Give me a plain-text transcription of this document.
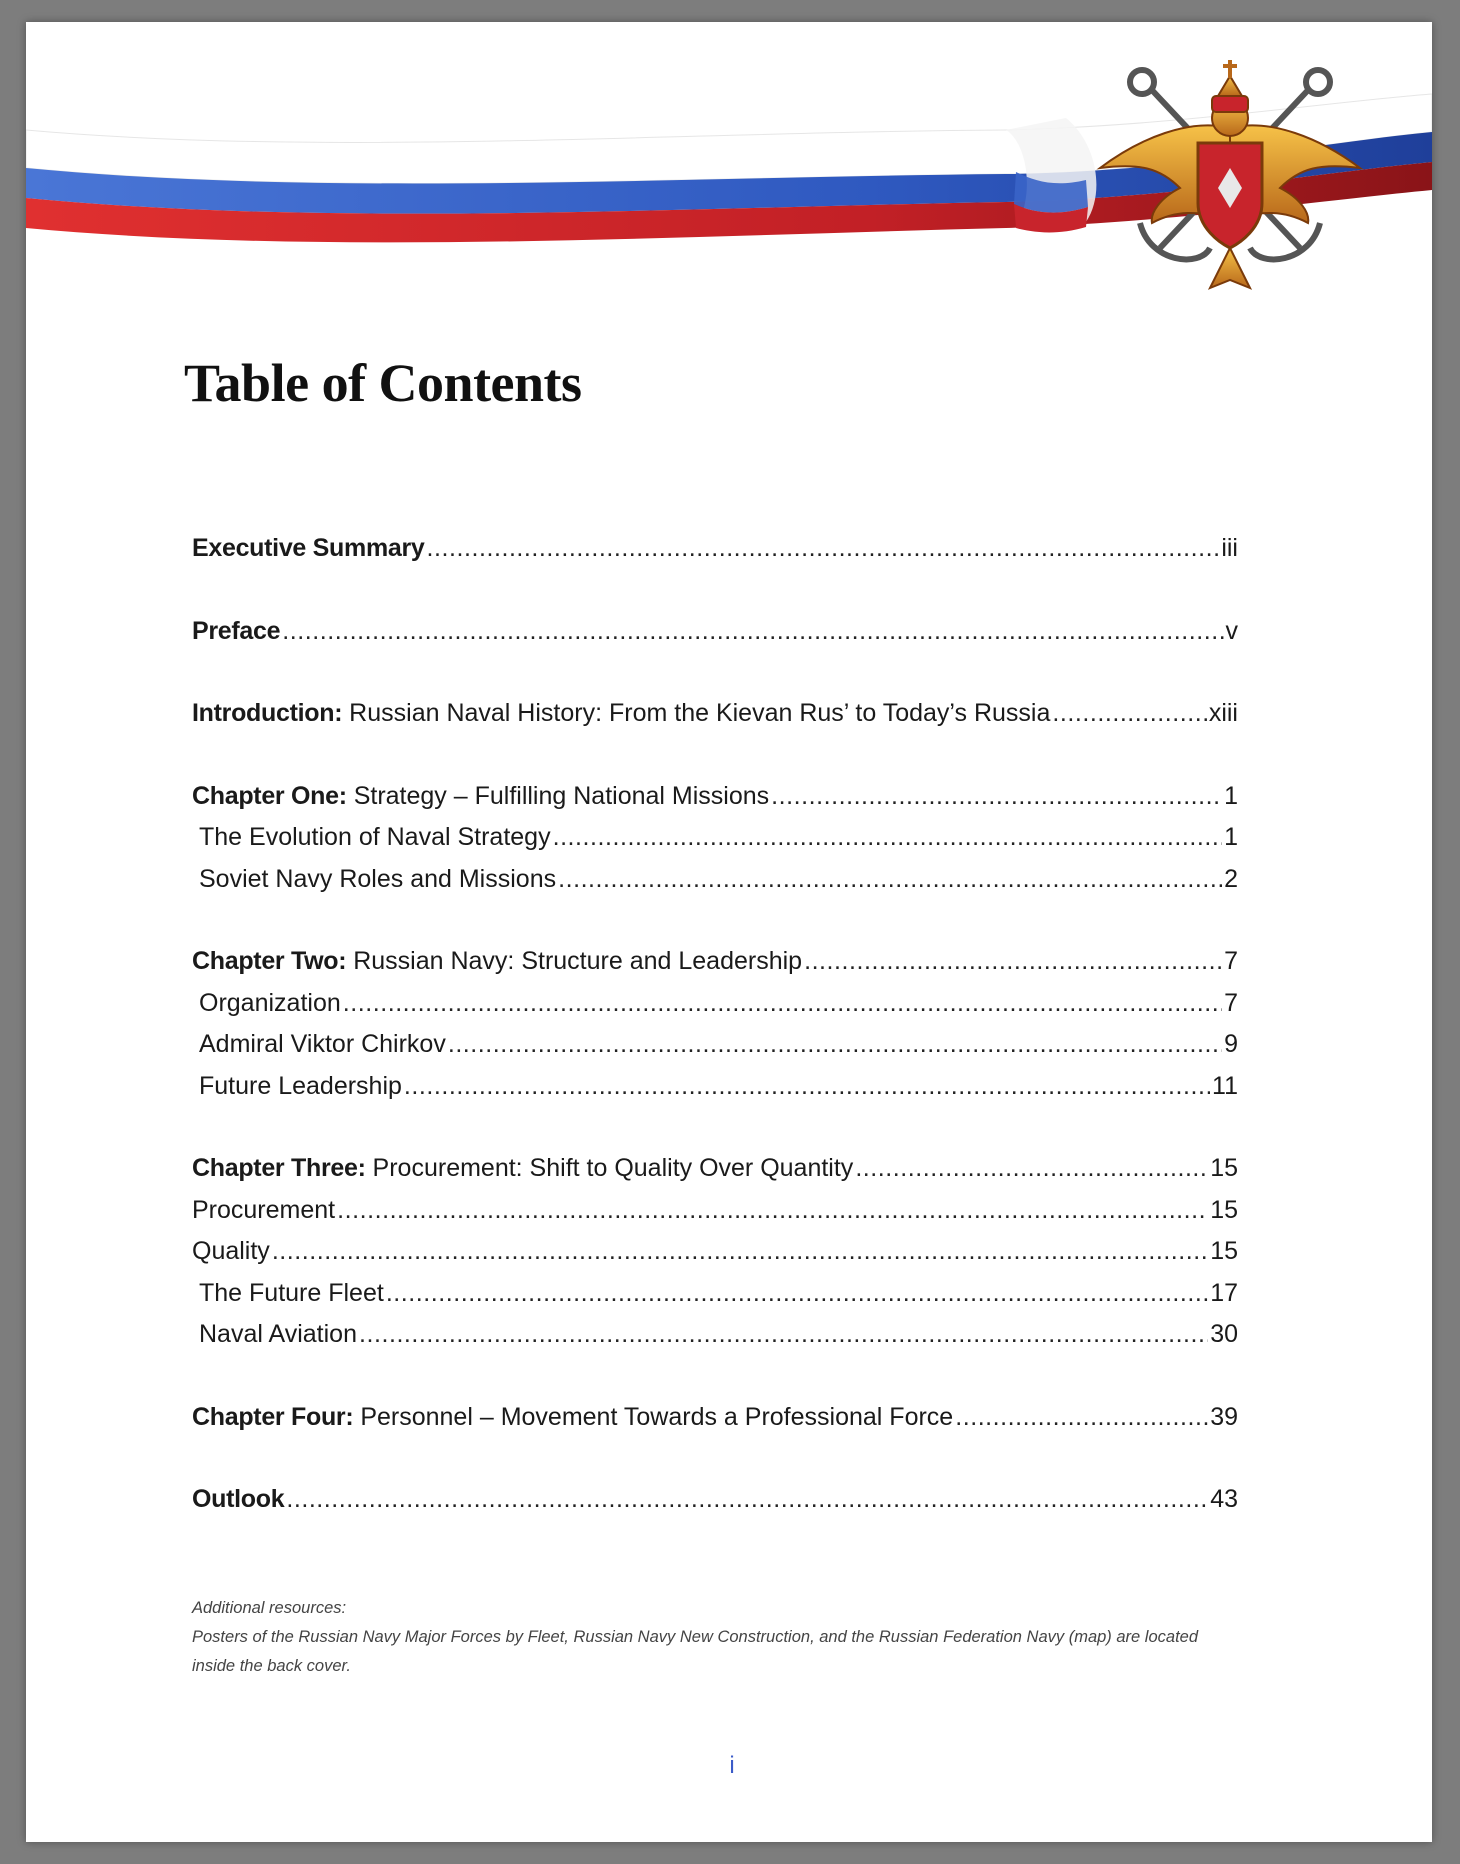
Table of Contents
Executive Summary . . .	iii
Preface . . .	v
Introduction: Russian Naval History: From the Kievan Rus’ to Today’s Russia . . .	xiii
Chapter One: Strategy – Fulfilling National Missions . . .	1
The Evolution of Naval Strategy . . .	1
Soviet Navy Roles and Missions . . .	2
Chapter Two: Russian Navy: Structure and Leadership . . .	7
Organization . . .	7
Admiral Viktor Chirkov . . .	9
Future Leadership . . .	11
Chapter Three: Procurement: Shift to Quality Over Quantity . . .	15
Procurement . . .	15
Quality . . .	15
The Future Fleet . . .	17
Naval Aviation . . .	30
Chapter Four: Personnel – Movement Towards a Professional Force . . .	39
Outlook . . .	43
Additional resources:
Posters of the Russian Navy Major Forces by Fleet, Russian Navy New Construction, and the Russian Federation Navy (map) are located
inside the back cover.
i
